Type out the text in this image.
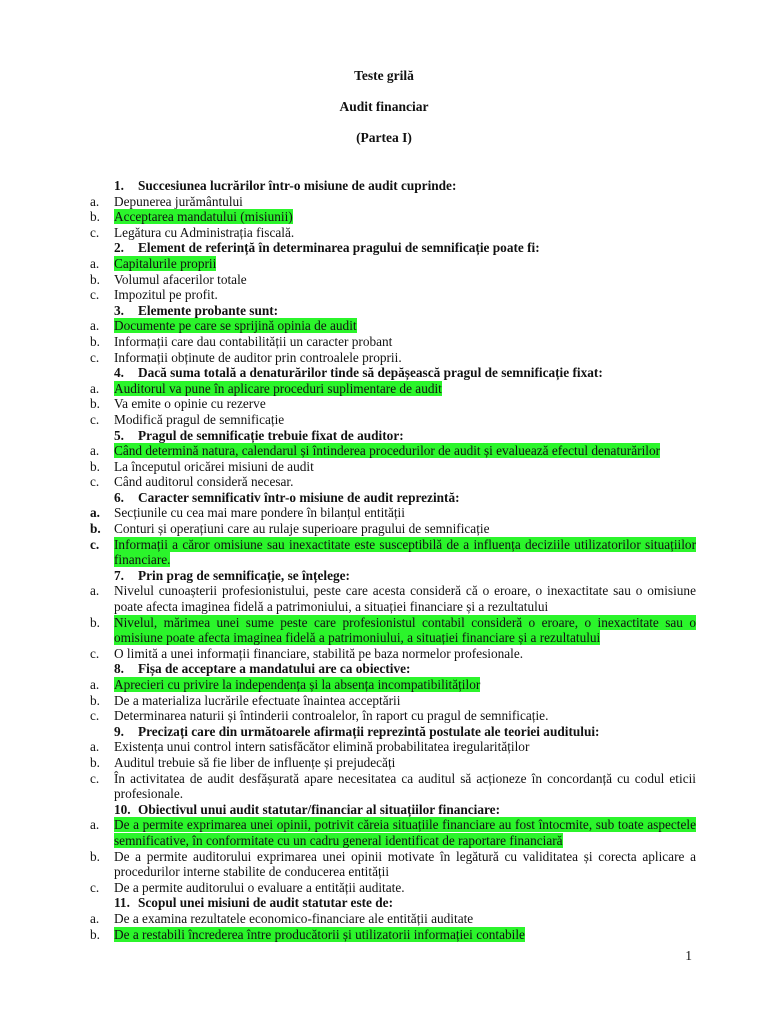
Teste grilă
Audit financiar
(Partea I)
1. Succesiunea lucrărilor într-o misiune de audit cuprinde:
a. Depunerea jurământului
b. Acceptarea mandatului (misiunii)
c. Legătura cu Administrația fiscală.
2. Element de referință în determinarea pragului de semnificație poate fi:
a. Capitalurile proprii
b. Volumul afacerilor totale
c. Impozitul pe profit.
3. Elemente probante sunt:
a. Documente pe care se sprijină opinia de audit
b. Informații care dau contabilității un caracter probant
c. Informații obținute de auditor prin controalele proprii.
4. Dacă suma totală a denaturărilor tinde să depășească pragul de semnificație fixat:
a. Auditorul va pune în aplicare proceduri suplimentare de audit
b. Va emite o opinie cu rezerve
c. Modifică pragul de semnificație
5. Pragul de semnificație trebuie fixat de auditor:
a. Când determină natura, calendarul și întinderea procedurilor de audit și evaluează efectul denaturărilor
b. La începutul oricărei misiuni de audit
c. Când auditorul consideră necesar.
6. Caracter semnificativ într-o misiune de audit reprezintă:
a. Secțiunile cu cea mai mare pondere în bilanțul entității
b. Conturi și operațiuni care au rulaje superioare pragului de semnificație
c. Informații a căror omisiune sau inexactitate este susceptibilă de a influența deciziile utilizatorilor situațiilor financiare.
7. Prin prag de semnificație, se înțelege:
a. Nivelul cunoașterii profesionistului, peste care acesta consideră că o eroare, o inexactitate sau o omisiune poate afecta imaginea fidelă a patrimoniului, a situației financiare și a rezultatului
b. Nivelul, mărimea unei sume peste care profesionistul contabil consideră o eroare, o inexactitate sau o omisiune poate afecta imaginea fidelă a patrimoniului, a situației financiare și a rezultatului
c. O limită a unei informații financiare, stabilită pe baza normelor profesionale.
8. Fișa de acceptare a mandatului are ca obiective:
a. Aprecieri cu privire la independența și la absența incompatibilităților
b. De a materializa lucrările efectuate înaintea acceptării
c. Determinarea naturii și întinderii controalelor, în raport cu pragul de semnificație.
9. Precizați care din următoarele afirmații reprezintă postulate ale teoriei auditului:
a. Existența unui control intern satisfăcător elimină probabilitatea iregularităților
b. Auditul trebuie să fie liber de influențe și prejudecăți
c. În activitatea de audit desfășurată apare necesitatea ca auditul să acționeze în concordanță cu codul eticii profesionale.
10. Obiectivul unui audit statutar/financiar al situațiilor financiare:
a. De a permite exprimarea unei opinii, potrivit căreia situațiile financiare au fost întocmite, sub toate aspectele semnificative, în conformitate cu un cadru general identificat de raportare financiară
b. De a permite auditorului exprimarea unei opinii motivate în legătură cu validitatea și corecta aplicare a procedurilor interne stabilite de conducerea entității
c. De a permite auditorului o evaluare a entității auditate.
11. Scopul unei misiuni de audit statutar este de:
a. De a examina rezultatele economico-financiare ale entității auditate
b. De a restabili încrederea între producătorii și utilizatorii informației contabile
1
